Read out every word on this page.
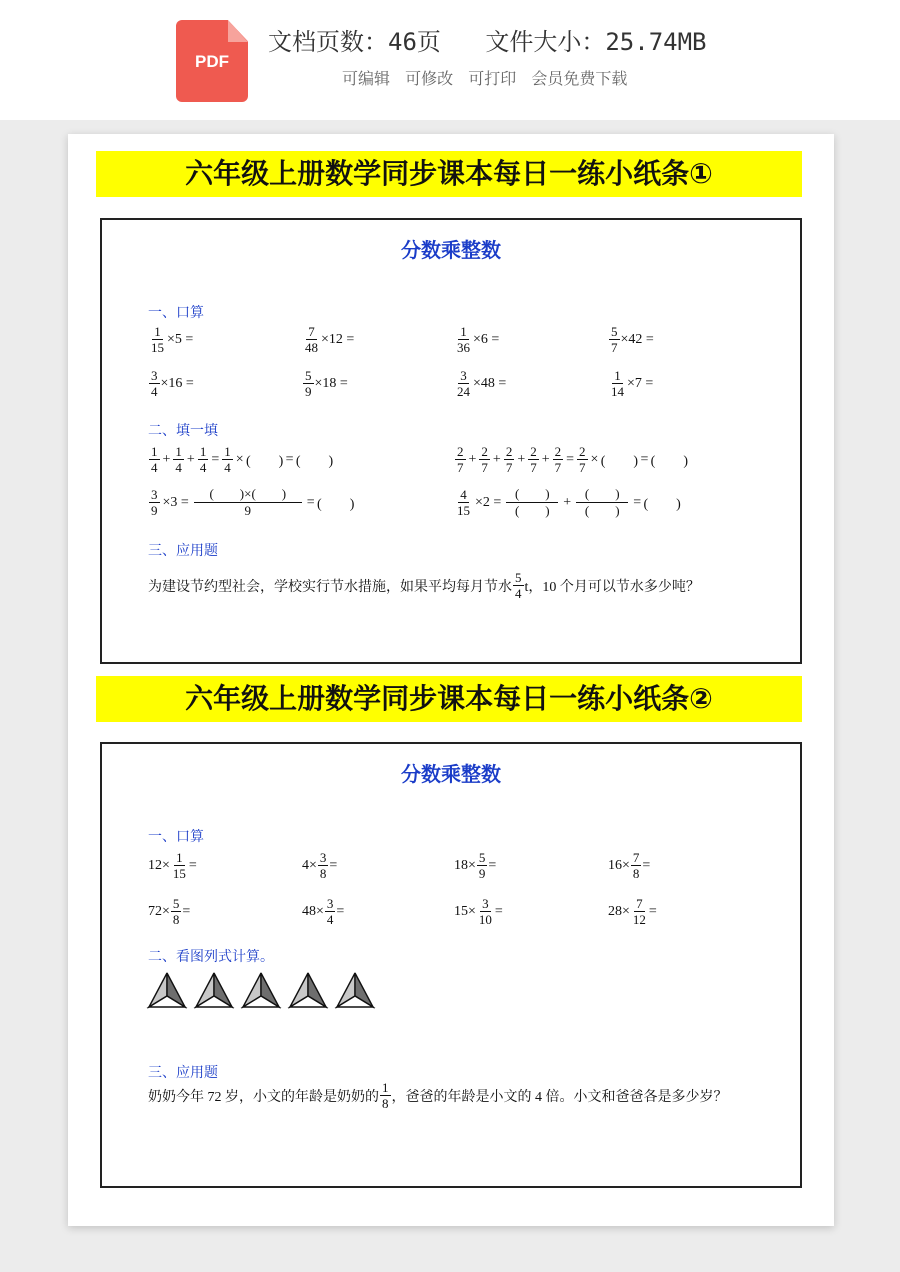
PDF
文档页数：46页 文件大小：25.74MB
可编辑 可修改 可打印 会员免费下载
六年级上册数学同步课本每日一练小纸条①
分数乘整数
一、口算
$\frac{1}{15} \times 5$ =	$\frac{7}{48} \times 12$ =	$\frac{1}{36} \times 6$ =	$\frac{5}{7} \times 42$ =
$\frac{3}{4} \times 16$ =	$\frac{5}{9} \times 18$ =	$\frac{3}{24} \times 48$ =	$\frac{1}{14} \times 7$ =
二、填一填
$\frac{1}{4} + \frac{1}{4} + \frac{1}{4} = \frac{1}{4}$ × (　　) = (　　)	$\frac{2}{7} + \frac{2}{7} + \frac{2}{7} + \frac{2}{7} + \frac{2}{7} = \frac{2}{7}$ × (　　) = (　　)
$\frac{3}{9} \times 3 = \frac{( )\times( )}{9}$ = (　　)	$\frac{4}{15} \times 2 = \frac{( )}{( )} + \frac{( )}{( )}$ = (　　)
三、应用题
为建设节约型社会，学校实行节水措施，如果平均每月节水 $\frac{5}{4}$ t，10 个月可以节水多少吨？
六年级上册数学同步课本每日一练小纸条②
分数乘整数
一、口算
$12\times \frac{1}{15}$ =	$4\times \frac{3}{8}$ =	$18\times \frac{5}{9}$ =	$16\times \frac{7}{8}$ =
$72\times \frac{5}{8}$ =	$48\times \frac{3}{4}$ =	$15\times \frac{3}{10}$ =	$28\times \frac{7}{12}$ =
二、看图列式计算。
三、应用题
奶奶今年 72 岁，小文的年龄是奶奶的 $\frac{1}{8}$ ，爸爸的年龄是小文的 4 倍。小文和爸爸各是多少岁？
